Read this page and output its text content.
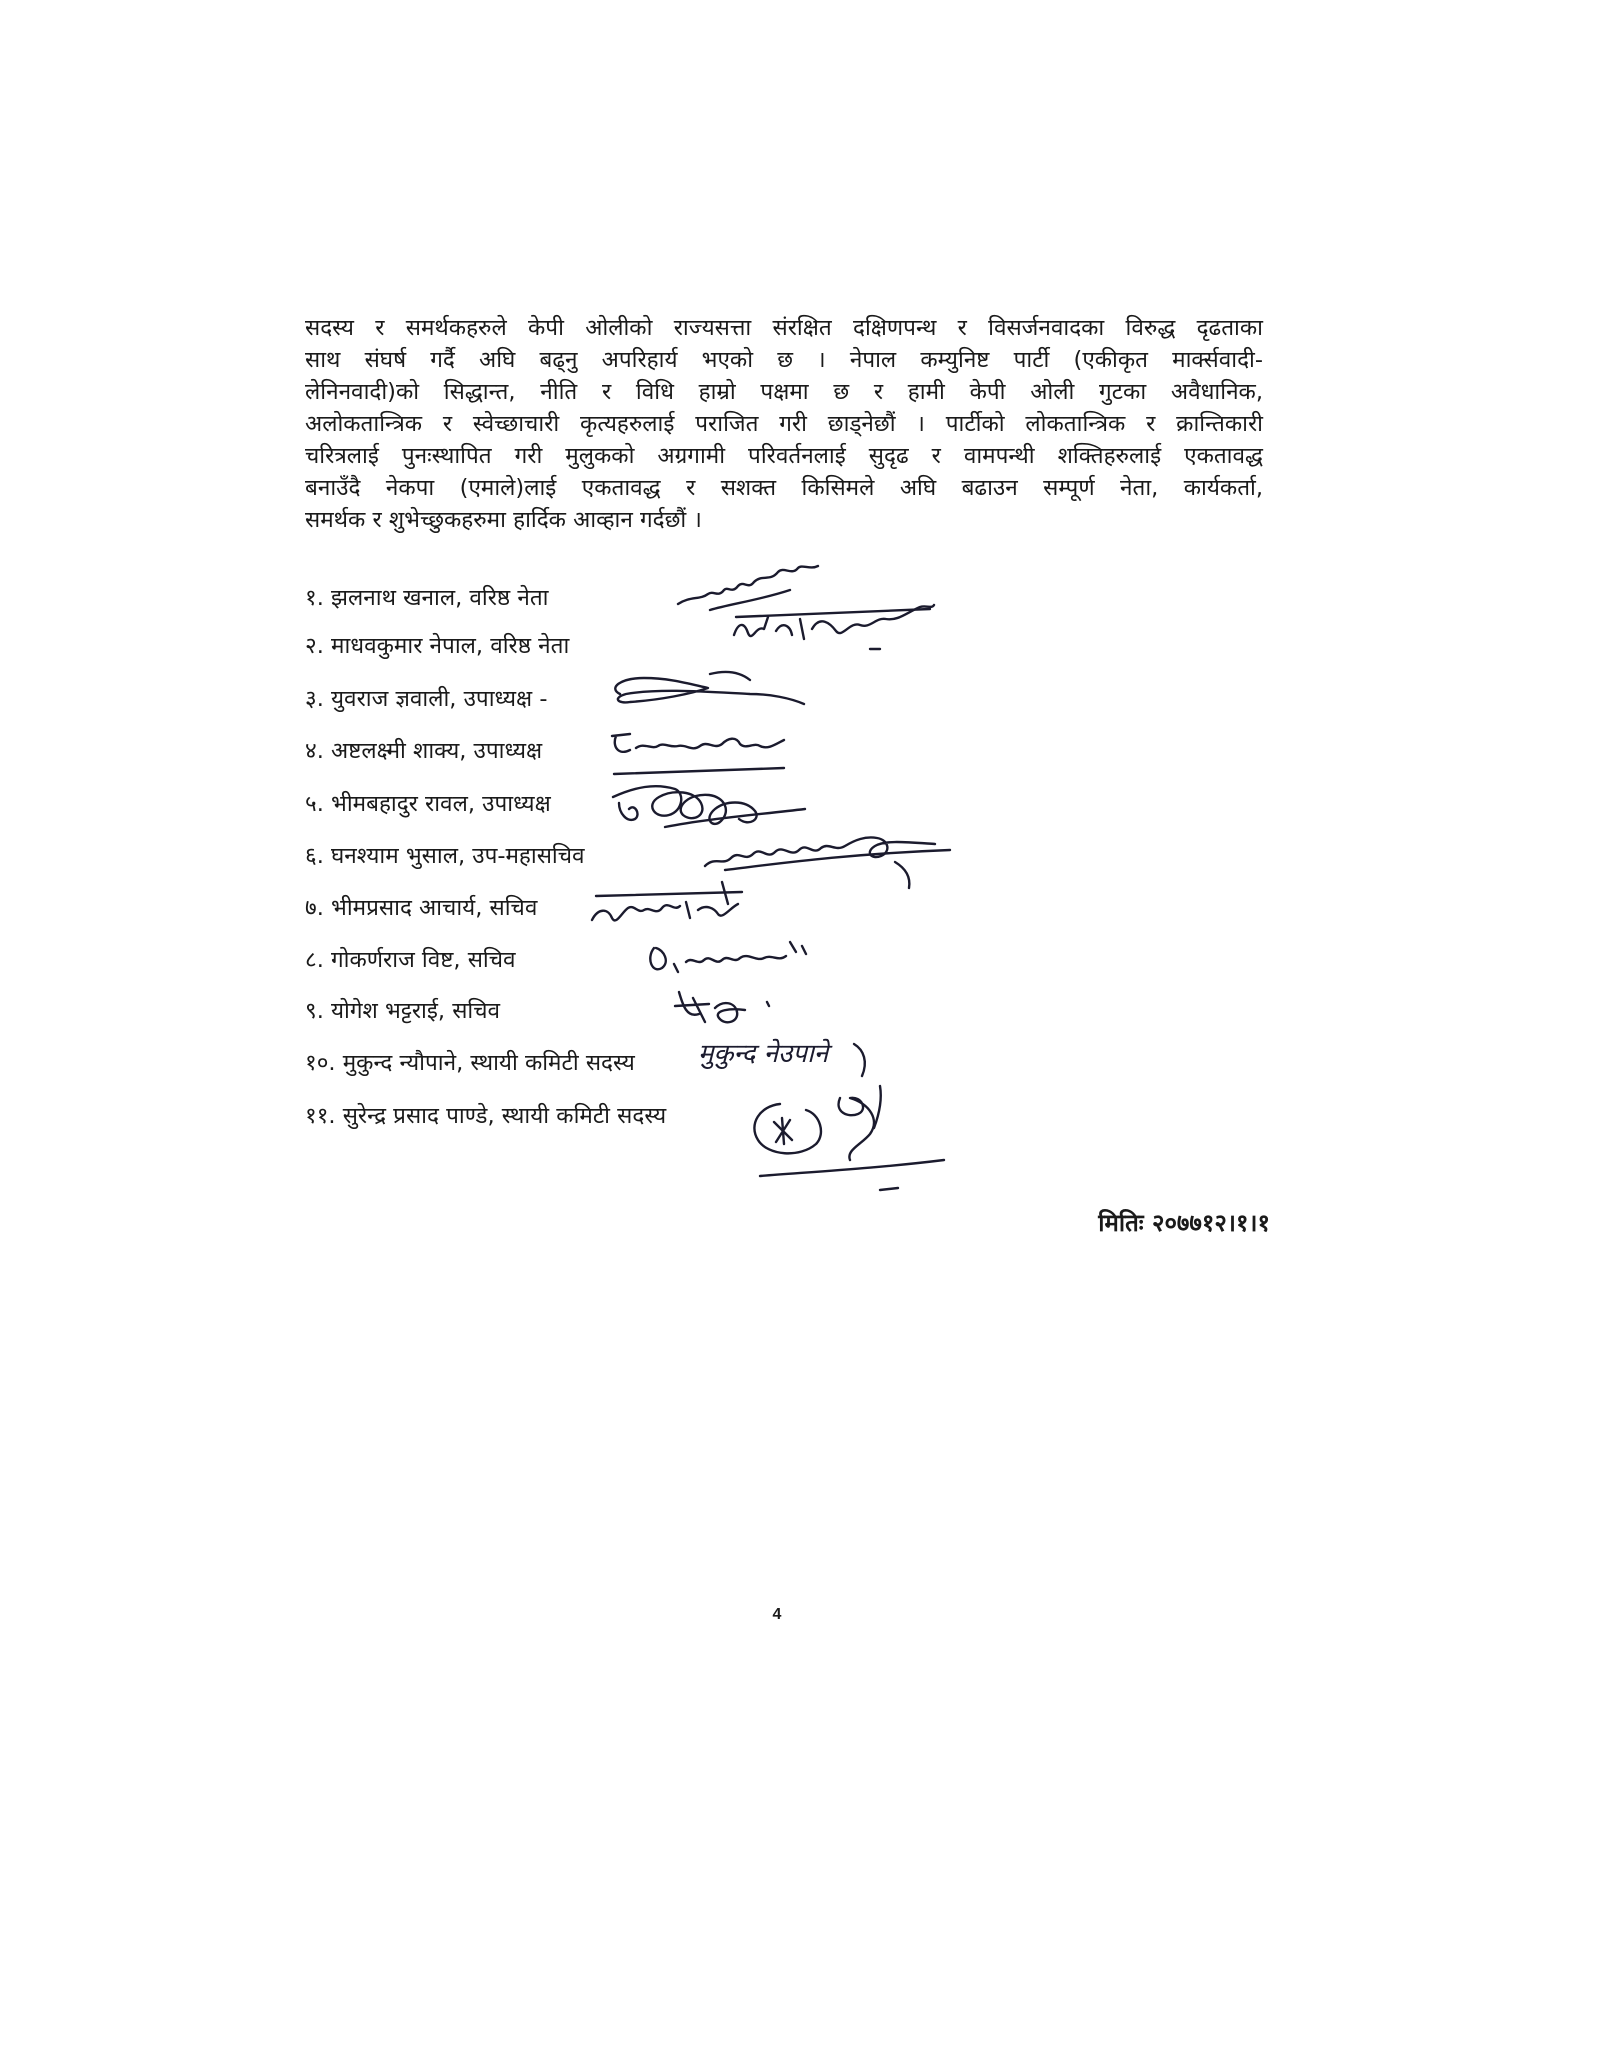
सदस्य र समर्थकहरुले केपी ओलीको राज्यसत्ता संरक्षित दक्षिणपन्थ र विसर्जनवादका विरुद्ध दृढताका
साथ संघर्ष गर्दै अघि बढ्नु अपरिहार्य भएको छ । नेपाल कम्युनिष्ट पार्टी (एकीकृत मार्क्सवादी-
लेनिनवादी)को सिद्धान्त, नीति र विधि हाम्रो पक्षमा छ र हामी केपी ओली गुटका अवैधानिक,
अलोकतान्त्रिक र स्वेच्छाचारी कृत्यहरुलाई पराजित गरी छाड्नेछौं । पार्टीको लोकतान्त्रिक र क्रान्तिकारी
चरित्रलाई पुनःस्थापित गरी मुलुकको अग्रगामी परिवर्तनलाई सुदृढ र वामपन्थी शक्तिहरुलाई एकतावद्ध
बनाउँदै नेकपा (एमाले)लाई एकतावद्ध र सशक्त किसिमले अघि बढाउन सम्पूर्ण नेता, कार्यकर्ता,
समर्थक र शुभेच्छुकहरुमा हार्दिक आव्हान गर्दछौं ।
१. झलनाथ खनाल, वरिष्ठ नेता
२. माधवकुमार नेपाल, वरिष्ठ नेता
३. युवराज ज्ञवाली, उपाध्यक्ष -
४. अष्टलक्ष्मी शाक्य, उपाध्यक्ष
५. भीमबहादुर रावल, उपाध्यक्ष
६. घनश्याम भुसाल, उप-महासचिव
७. भीमप्रसाद आचार्य, सचिव
८. गोकर्णराज विष्ट, सचिव
९. योगेश भट्टराई, सचिव
१०. मुकुन्द न्यौपाने, स्थायी कमिटी सदस्य
११. सुरेन्द्र प्रसाद पाण्डे, स्थायी कमिटी सदस्य
मुकुन्द नेउपाने
मितिः २०७७१२।१।१
4
